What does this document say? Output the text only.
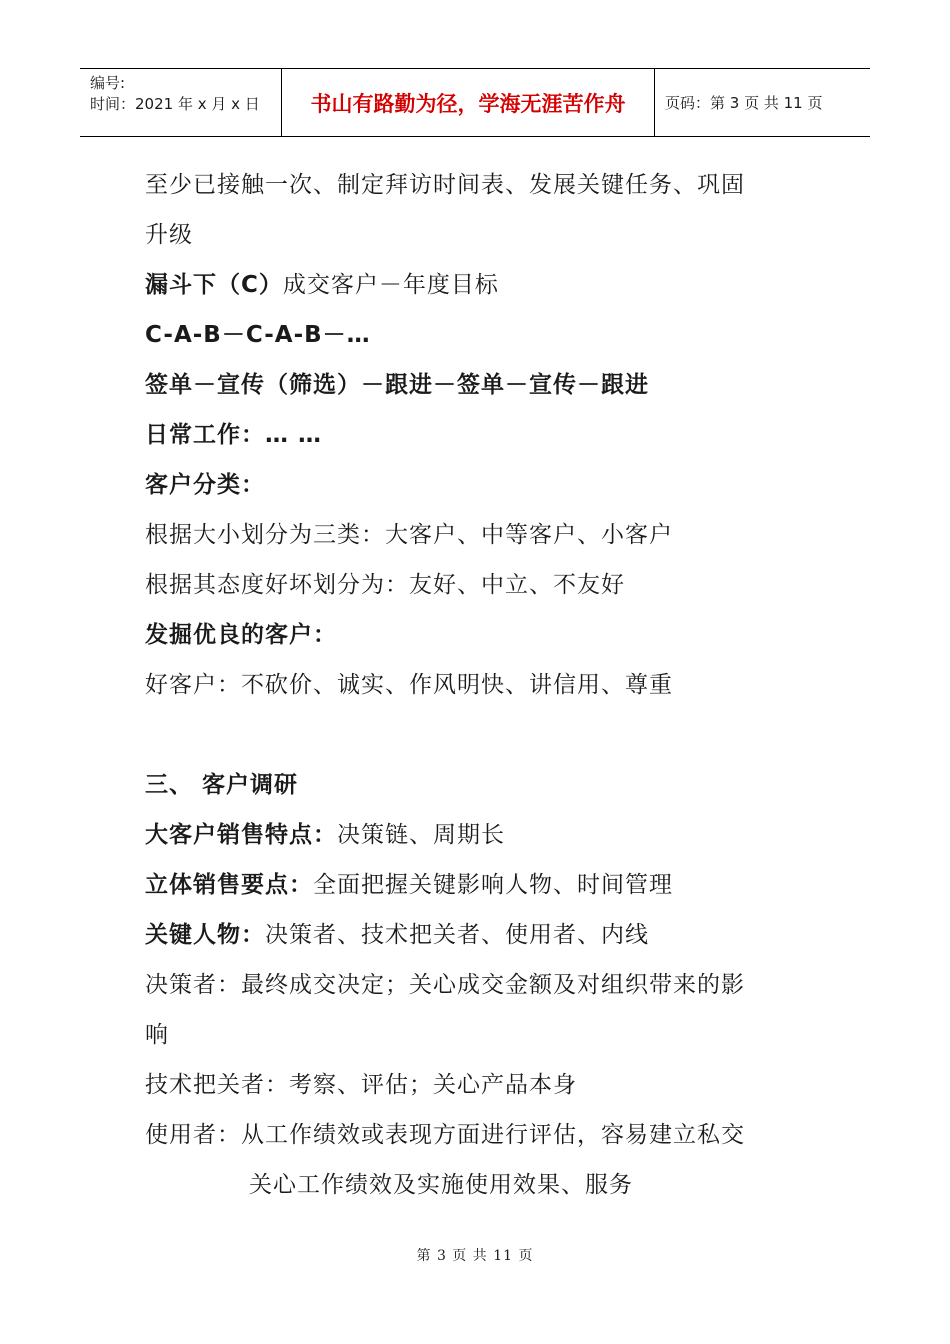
编号:
时间：2021 年 x 月 x 日	书山有路勤为径，学海无涯苦作舟	页码：第 3 页 共 11 页
至少已接触一次、制定拜访时间表、发展关键任务、巩固
升级
漏斗下（C）成交客户－年度目标
C-A-B－C-A-B－…
签单－宣传（筛选）－跟进－签单－宣传－跟进
日常工作：… …
客户分类：
根据大小划分为三类：大客户、中等客户、小客户
根据其态度好坏划分为：友好、中立、不友好
发掘优良的客户：
好客户：不砍价、诚实、作风明快、讲信用、尊重
三、 客户调研
大客户销售特点：决策链、周期长
立体销售要点：全面把握关键影响人物、时间管理
关键人物：决策者、技术把关者、使用者、内线
决策者：最终成交决定；关心成交金额及对组织带来的影
响
技术把关者：考察、评估；关心产品本身
使用者：从工作绩效或表现方面进行评估，容易建立私交
关心工作绩效及实施使用效果、服务
第 3 页 共 11 页
